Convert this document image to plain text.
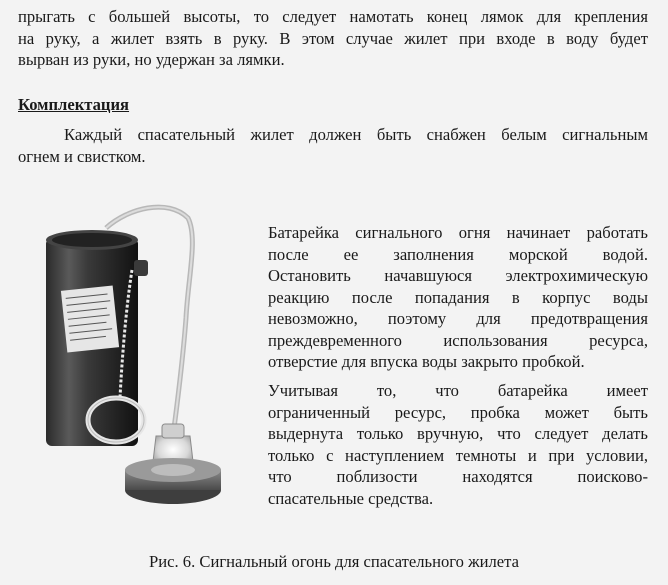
прыгать с большей высоты, то следует намотать конец лямок для крепления
на руку, а жилет взять в руку. В этом случае жилет при входе в воду будет
вырван из руки, но удержан за лямки.
Комплектация
Каждый спасательный жилет должен быть снабжен белым сигнальным
огнем и свистком.
Батарейка сигнального огня начинает работать
после ее заполнения морской водой.
Остановить начавшуюся электрохимическую
реакцию после попадания в корпус воды
невозможно, поэтому для предотвращения
преждевременного использования ресурса,
отверстие для впуска воды закрыто пробкой.
Учитывая то, что батарейка имеет
ограниченный ресурс, пробка может быть
выдернута только вручную, что следует делать
только с наступлением темноты и при условии,
что поблизости находятся поисково-
спасательные средства.
Рис. 6. Сигнальный огонь для спасательного жилета
